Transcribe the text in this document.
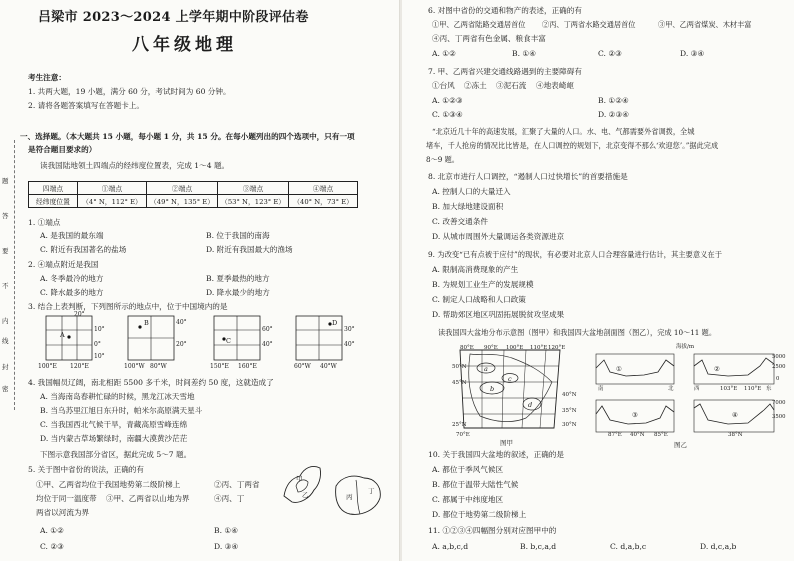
题
答
要
不
内
线
封
密
吕梁市 2023～2024 上学年期中阶段评估卷
八年级地理
考生注意：
1. 共两大题，19 小题，满分 60 分，考试时间为 60 分钟。
2. 请将各题答案填写在答题卡上。
一、选择题。（本大题共 15 小题，每小题 1 分，共 15 分。在每小题列出的四个选项中，只有一项
是符合题目要求的）
读我国陆地领土四端点的经纬度位置表，完成 1～4 题。
四端点	①端点	②端点	③端点	④端点
经纬度位置	（4° N，112° E）	（49° N，135° E）	（53° N，123° E）	（40° N，73° E）
1. ①端点
A. 是我国的最东端	B. 位于我国的南海
C. 附近有我国著名的盐场	D. 附近有我国最大的渔场
2. ④端点附近是我国
A. 冬季最冷的地方	B. 夏季最热的地方
C. 降水最多的地方	D. 降水最少的地方
3. 结合上表判断，下列图所示的地点中，位于中国境内的是
20°
10°
0°
10°
100°E 120°E
A
40°
20°
100°W 80°W
B
60°
40°
150°E 160°E
C
30°
40°
60°W 40°W
D
4. 我国幅员辽阔，南北相距 5500 多千米，时间差约 50 度，这就造成了
A. 当海南岛春耕忙碌的时候，黑龙江冰天雪地
B. 当乌苏里江旭日东升时，帕米尔高原满天星斗
C. 当我国西北气候干旱，青藏高原雪峰连绵
D. 当内蒙古草场繁绿时，南疆大漠黄沙茫茫
下图示意我国部分省区，据此完成 5～7 题。
5. 关于图中省份的说法，正确的有
①甲、乙两省均位于我国地势第二级阶梯上	②丙、丁两省
均位于同一温度带 ③甲、乙两省以山地为界	④丙、丁
两省以河流为界
A. ①②	B. ①④
C. ②③	D. ③④
甲
乙	丙
丁
6. 对图中省份的交通和物产的表述，正确的有
①甲、乙两省陆路交通居首位 ②丙、丁两省水路交通居首位	③甲、乙两省煤炭、木材丰富
④丙、丁两省有色金属、粮食丰富
A. ①②	B. ①④	C. ②③	D. ③④
7. 甲、乙两省兴建交通线路遇到的主要障碍有
①台风 ②冻土 ③泥石流 ④地表崎岖
A. ①②③	B. ①②④
C. ①③④	D. ②③④
“北京近几十年的高速发展，汇聚了大量的人口。水、电、气都需要外省调拨，全城
堵车，千人抢房的情况比比皆是，在人口调控的规划下，北京变得不那么‘欢迎您’。”据此完成
8～9 题。
8. 北京市进行人口调控，“遏制人口过快增长”的首要措施是
A. 控制人口的大量迁入
B. 加大绿地建设面积
C. 改善交通条件
D. 从城市周围外大量调运各类资源进京
9. 为改变“已有点被于应付”的现状，有必要对北京人口合理容量进行估计，其主要意义在于
A. 限制高消费现象的产生
B. 为规划工业生产的发展规模
C. 制定人口战略和人口政策
D. 帮助郊区地区巩固拓展脱贫攻坚成果
读我国四大盆地分布示意图（图甲）和我国四大盆地剖面图（图乙），完成 10～11 题。
80°E 90°E 100°E 110°E 120°E
50°N
45°N
40°N
35°N
30°N
25°N
70°E
a
b
c
d
图甲
海拔/m
①	②
③	④
5000
2500
0
7000
3500
南	北	西	东
103°E 110°E
40°N	38°N
87°E	85°E
图乙
10. 关于我国四大盆地的叙述，正确的是
A. 都位于季风气候区
B. 都位于温带大陆性气候
C. 都属于中纬度地区
D. 都位于地势第二级阶梯上
11. ①②③④四幅图分别对应图甲中的
A. a,b,c,d	B. b,c,a,d	C. d,a,b,c	D. d,c,a,b
